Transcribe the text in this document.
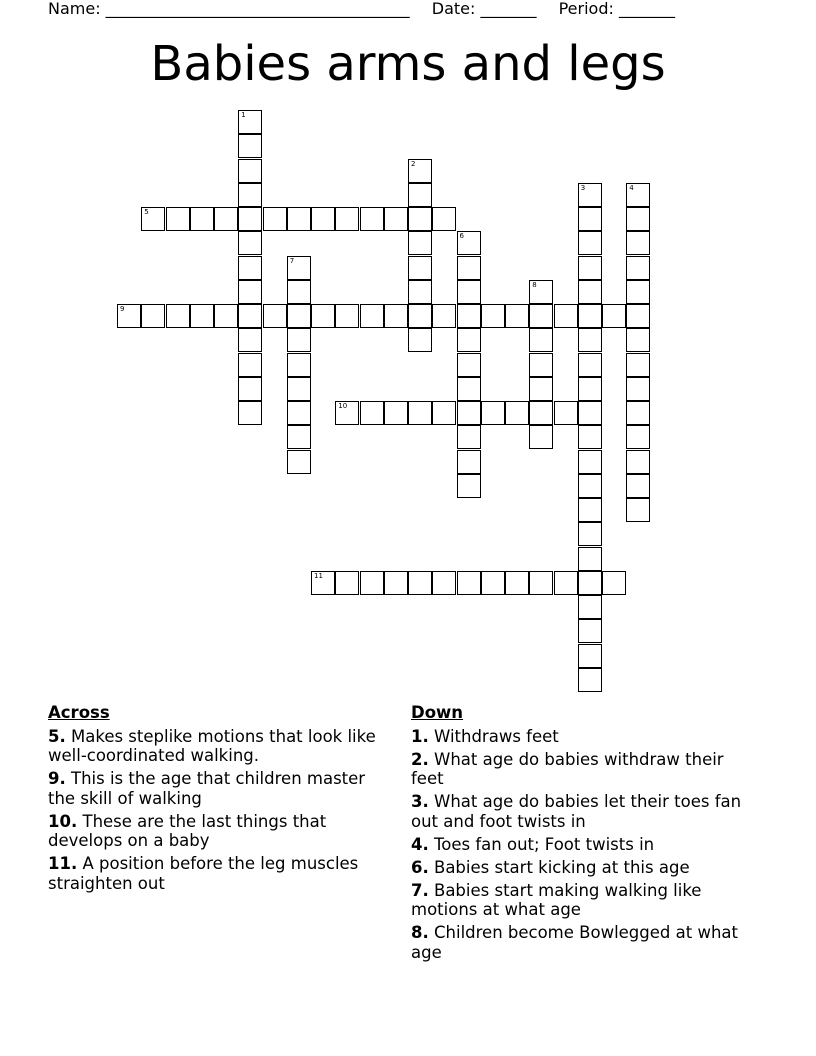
Name: ______________________________________ Date: _______ Period: _______
Babies arms and legs
1
2
3	4
5
6
7
8
9
10
11
Across
5. Makes steplike motions that look like well-coordinated walking.
9. This is the age that children master the skill of walking
10. These are the last things that develops on a baby
11. A position before the leg muscles straighten out
Down
1. Withdraws feet
2. What age do babies withdraw their feet
3. What age do babies let their toes fan out and foot twists in
4. Toes fan out; Foot twists in
6. Babies start kicking at this age
7. Babies start making walking like motions at what age
8. Children become Bowlegged at what age
